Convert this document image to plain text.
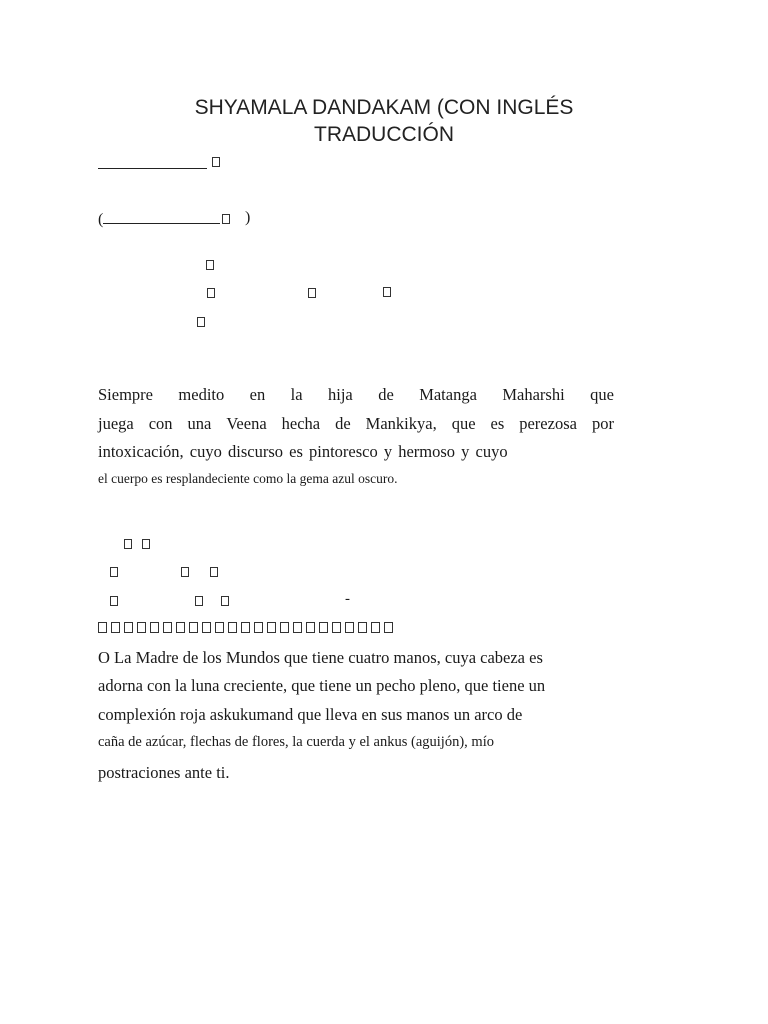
SHYAMALA DANDAKAM (CON INGLÉS
TRADUCCIÓN
(	)
Siempre medito en la hija de Matanga Maharshi que
juega con una Veena hecha de Mankikya, que es perezosa por
intoxicación, cuyo discurso es pintoresco y hermoso y cuyo
el cuerpo es resplandeciente como la gema azul oscuro.
-
O La Madre de los Mundos que tiene cuatro manos, cuya cabeza es
adorna con la luna creciente, que tiene un pecho pleno, que tiene un
complexión roja askukumand que lleva en sus manos un arco de
caña de azúcar, flechas de flores, la cuerda y el ankus (aguijón), mío
postraciones ante ti.
